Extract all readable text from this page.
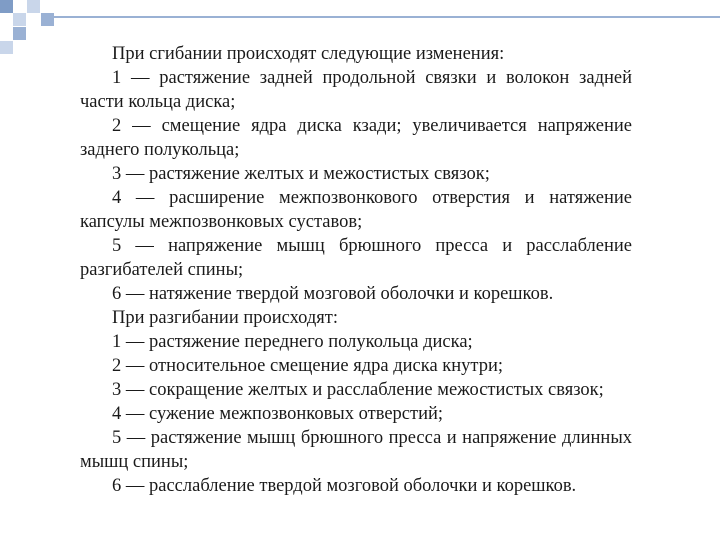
При сгибании происходят следующие изменения:

1 — растяжение задней продольной связки и волокон задней части кольца диска;

2 — смещение ядра диска кзади; увеличивается напряжение заднего полукольца;

3 — растяжение желтых и межостистых связок;

4 — расширение межпозвонкового отверстия и натяжение капсулы межпозвонковых суставов;

5 — напряжение мышц брюшного пресса и расслабление разгибателей спины;

6 — натяжение твердой мозговой оболочки и корешков.

При разгибании происходят:

1 — растяжение переднего полукольца диска;

2 — относительное смещение ядра диска кнутри;

3 — сокращение желтых и расслабление межостистых связок;

4 — сужение межпозвонковых отверстий;

5 — растяжение мышц брюшного пресса и напряжение длинных мышц спины;

6 — расслабление твердой мозговой оболочки и корешков.
